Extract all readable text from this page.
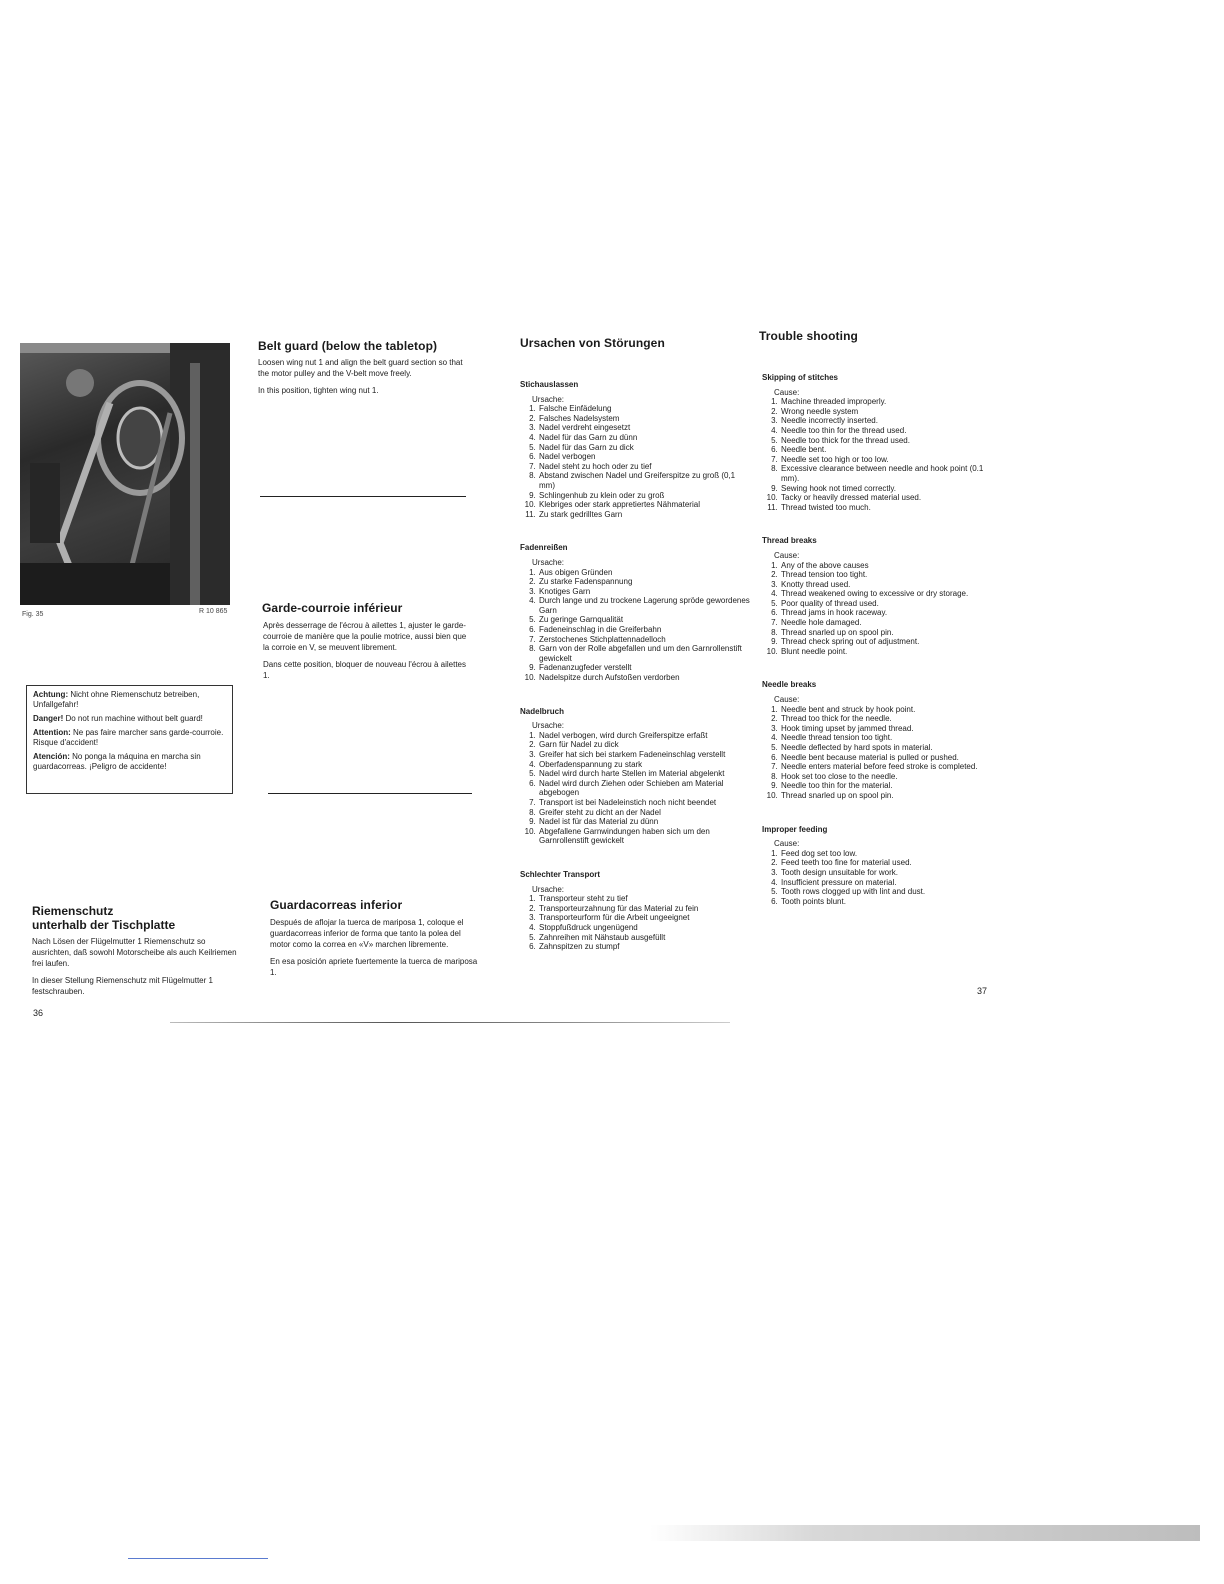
Fig. 35	R 10 865
Belt guard (below the tabletop)

Loosen wing nut 1 and align the belt guard section so that the motor pulley and the V-belt move freely.

In this position, tighten wing nut 1.

Garde-courroie inférieur

Après desserrage de l'écrou à ailettes 1, ajuster le garde-courroie de manière que la poulie motrice, aussi bien que la corroie en V, se meuvent librement.

Dans cette position, bloquer de nouveau l'écrou à ailettes 1.

Achtung: Nicht ohne Riemenschutz betreiben, Unfallgefahr!

Danger! Do not run machine without belt guard!

Attention: Ne pas faire marcher sans garde-courroie. Risque d'accident!

Atención: No ponga la máquina en marcha sin guardacorreas. ¡Peligro de accidente!

Riemenschutz
unterhalb der Tischplatte

Nach Lösen der Flügelmutter 1 Riemenschutz so ausrichten, daß sowohl Motorscheibe als auch Keilriemen frei laufen.

In dieser Stellung Riemenschutz mit Flügelmutter 1 festschrauben.

36
Guardacorreas inferior

Después de aflojar la tuerca de mariposa 1, coloque el guardacorreas inferior de forma que tanto la polea del motor como la correa en «V» marchen libremente.

En esa posición apriete fuertemente la tuerca de mariposa 1.

Ursachen von Störungen
Stichauslassen
Ursache:
1. Falsche Einfädelung
2. Falsches Nadelsystem
3. Nadel verdreht eingesetzt
4. Nadel für das Garn zu dünn
5. Nadel für das Garn zu dick
6. Nadel verbogen
7. Nadel steht zu hoch oder zu tief
8. Abstand zwischen Nadel und Greiferspitze zu groß (0,1 mm)
9. Schlingenhub zu klein oder zu groß
10. Klebriges oder stark appretiertes Nähmaterial
11. Zu stark gedrilltes Garn
Fadenreißen
Ursache:
1. Aus obigen Gründen
2. Zu starke Fadenspannung
3. Knotiges Garn
4. Durch lange und zu trockene Lagerung spröde gewordenes Garn
5. Zu geringe Garnqualität
6. Fadeneinschlag in die Greiferbahn
7. Zerstochenes Stichplattennadelloch
8. Garn von der Rolle abgefallen und um den Garnrollenstift gewickelt
9. Fadenanzugfeder verstellt
10. Nadelspitze durch Aufstoßen verdorben
Nadelbruch
Ursache:
1. Nadel verbogen, wird durch Greiferspitze erfaßt
2. Garn für Nadel zu dick
3. Greifer hat sich bei starkem Fadeneinschlag verstellt
4. Oberfadenspannung zu stark
5. Nadel wird durch harte Stellen im Material abgelenkt
6. Nadel wird durch Ziehen oder Schieben am Material abgebogen
7. Transport ist bei Nadeleinstich noch nicht beendet
8. Greifer steht zu dicht an der Nadel
9. Nadel ist für das Material zu dünn
10. Abgefallene Garnwindungen haben sich um den Garnrollenstift gewickelt
Schlechter Transport
Ursache:
1. Transporteur steht zu tief
2. Transporteurzahnung für das Material zu fein
3. Transporteurform für die Arbeit ungeeignet
4. Stoppfußdruck ungenügend
5. Zahnreihen mit Nähstaub ausgefüllt
6. Zahnspitzen zu stumpf
Trouble shooting
Skipping of stitches
Cause:
1. Machine threaded improperly.
2. Wrong needle system
3. Needle incorrectly inserted.
4. Needle too thin for the thread used.
5. Needle too thick for the thread used.
6. Needle bent.
7. Needle set too high or too low.
8. Excessive clearance between needle and hook point (0.1 mm).
9. Sewing hook not timed correctly.
10. Tacky or heavily dressed material used.
11. Thread twisted too much.
Thread breaks
Cause:
1. Any of the above causes
2. Thread tension too tight.
3. Knotty thread used.
4. Thread weakened owing to excessive or dry storage.
5. Poor quality of thread used.
6. Thread jams in hook raceway.
7. Needle hole damaged.
8. Thread snarled up on spool pin.
9. Thread check spring out of adjustment.
10. Blunt needle point.
Needle breaks
Cause:
1. Needle bent and struck by hook point.
2. Thread too thick for the needle.
3. Hook timing upset by jammed thread.
4. Needle thread tension too tight.
5. Needle deflected by hard spots in material.
6. Needle bent because material is pulled or pushed.
7. Needle enters material before feed stroke is completed.
8. Hook set too close to the needle.
9. Needle too thin for the material.
10. Thread snarled up on spool pin.
Improper feeding
Cause:
1. Feed dog set too low.
2. Feed teeth too fine for material used.
3. Tooth design unsuitable for work.
4. Insufficient pressure on material.
5. Tooth rows clogged up with lint and dust.
6. Tooth points blunt.
37
